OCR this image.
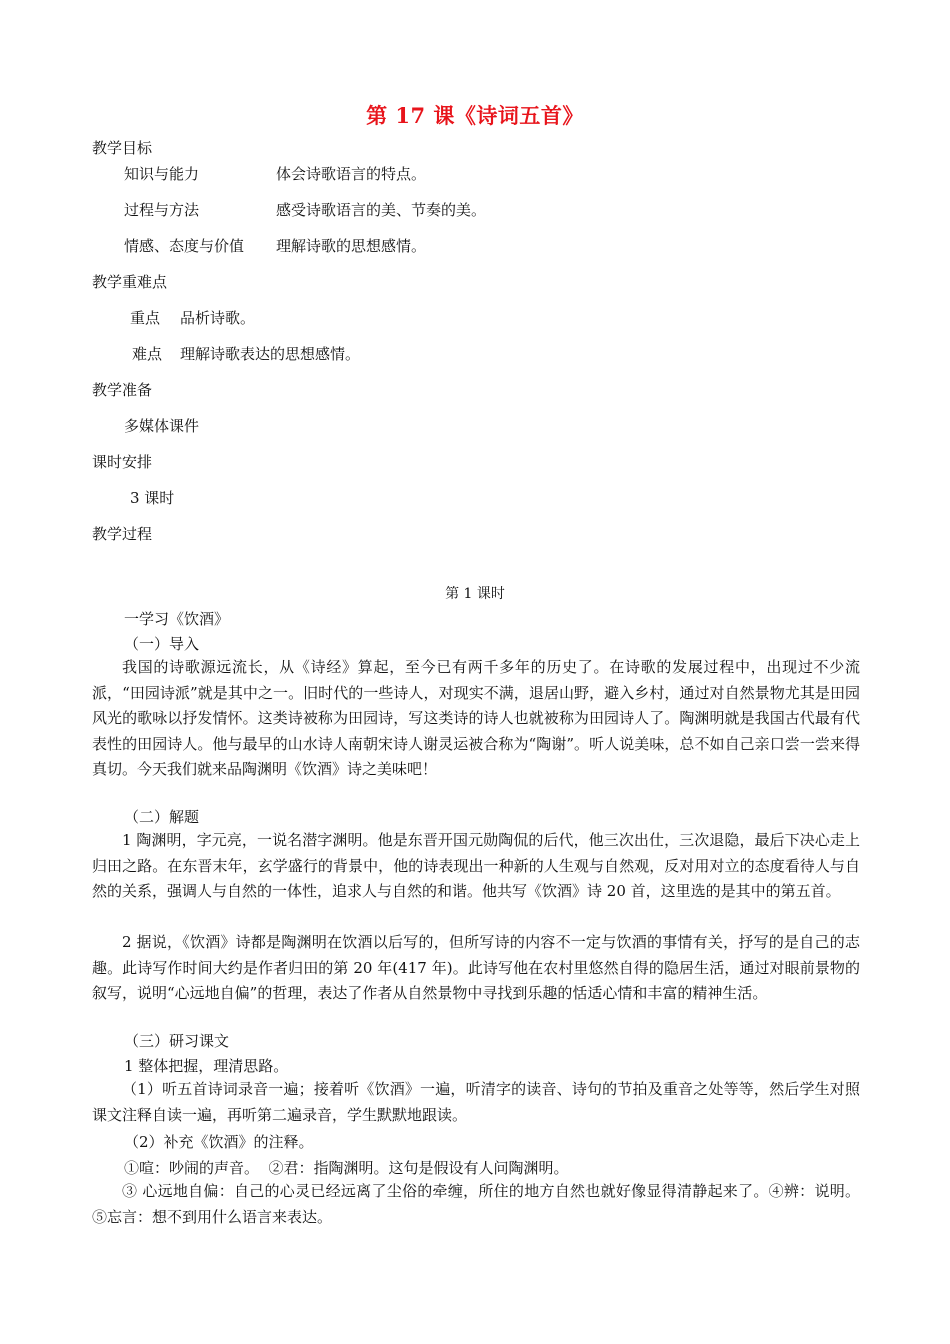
第 17 课《诗词五首》
教学目标
知识与能力	体会诗歌语言的特点。
过程与方法	感受诗歌语言的美、节奏的美。
情感、态度与价值 理解诗歌的思想感情。
教学重难点
重点 品析诗歌。
难点 理解诗歌表达的思想感情。
教学准备
多媒体课件
课时安排
3 课时
教学过程
第 1 课时
一学习《饮酒》
（一）导入
我国的诗歌源远流长，从《诗经》算起，至今已有两千多年的历史了。在诗歌的发展过程中，出现过不少流派，“田园诗派”就是其中之一。旧时代的一些诗人，对现实不满，退居山野，避入乡村，通过对自然景物尤其是田园风光的歌咏以抒发情怀。这类诗被称为田园诗，写这类诗的诗人也就被称为田园诗人了。陶渊明就是我国古代最有代表性的田园诗人。他与最早的山水诗人南朝宋诗人谢灵运被合称为“陶谢”。听人说美味，总不如自己亲口尝一尝来得真切。今天我们就来品陶渊明《饮酒》诗之美味吧！
（二）解题
1 陶渊明，字元亮，一说名潜字渊明。他是东晋开国元勋陶侃的后代，他三次出仕，三次退隐，最后下决心走上归田之路。在东晋末年，玄学盛行的背景中，他的诗表现出一种新的人生观与自然观，反对用对立的态度看待人与自然的关系，强调人与自然的一体性，追求人与自然的和谐。他共写《饮酒》诗 20 首，这里选的是其中的第五首。
2 据说，《饮酒》诗都是陶渊明在饮酒以后写的，但所写诗的内容不一定与饮酒的事情有关，抒写的是自己的志趣。此诗写作时间大约是作者归田的第 20 年(417 年)。此诗写他在农村里悠然自得的隐居生活，通过对眼前景物的叙写，说明“心远地自偏”的哲理，表达了作者从自然景物中寻找到乐趣的恬适心情和丰富的精神生活。
（三）研习课文
1 整体把握，理清思路。
（1）听五首诗词录音一遍；接着听《饮酒》一遍，听清字的读音、诗句的节拍及重音之处等等，然后学生对照课文注释自读一遍，再听第二遍录音，学生默默地跟读。
（2）补充《饮酒》的注释。
①喧：吵闹的声音。  ②君：指陶渊明。这句是假设有人问陶渊明。
③ 心远地自偏：自己的心灵已经远离了尘俗的牵缠，所住的地方自然也就好像显得清静起来了。④辨：说明。⑤忘言：想不到用什么语言来表达。
